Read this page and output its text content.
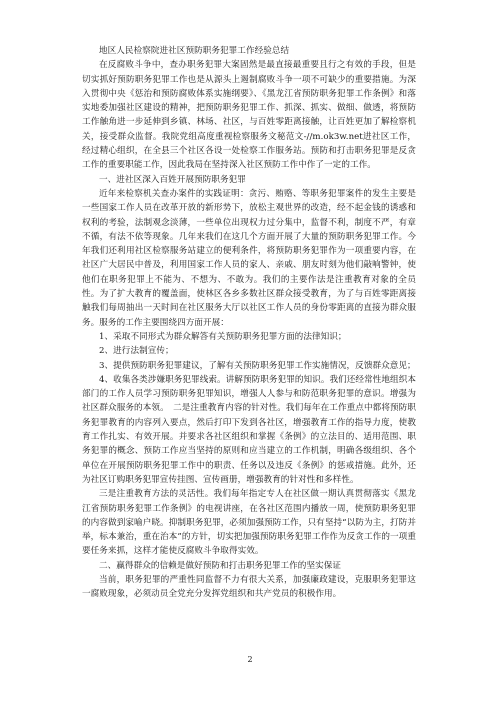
地区人民检察院进社区预防职务犯罪工作经验总结

在反腐败斗争中，查办职务犯罪大案固然是最直接最重要且行之有效的手段，但是切实抓好预防职务犯罪工作也是从源头上遏制腐败斗争一项不可缺少的重要措施。为深入贯彻中央《惩治和预防腐败体系实施纲要》、《黑龙江省预防职务犯罪工作条例》和落实地委加强社区建设的精神，把预防职务犯罪工作、抓深、抓实、做细、做透，将预防工作触角进一步延伸到乡镇、林场、社区，与百姓零距离接触，让百姓更加了解检察机关，接受群众监督。我院党组高度重视检察服务文秘范文-//m.ok3w.net进社区工作，经过精心组织，在全县三个社区各设一处检察工作服务站。预防和打击职务犯罪是反贪工作的重要职能工作，因此我局在坚持深入社区预防工作中作了一定的工作。

一、进社区深入百姓开展预防职务犯罪

近年来检察机关查办案件的实践证明：贪污、贿赂、等职务犯罪案件的发生主要是一些国家工作人员在改革开放的新形势下，放松主观世界的改造，经不起金钱的诱惑和权利的考验，法制观念淡薄，一些单位出现权力过分集中，监督不利，制度不严，有章不循，有法不依等现象。几年来我们在这几个方面开展了大量的预防职务犯罪工作。今年我们还利用社区检察服务站建立的便利条件，将预防职务犯罪作为一项重要内容，在社区广大居民中普及，利用国家工作人员的家人、亲戚、朋友时刻为他们敲响警钟，使他们在职务犯罪上不能为、不想为、不敢为。我们的主要作法是注重教育对象的全员性。为了扩大教育的覆盖面，使林区各乡多数社区群众接受教育，为了与百姓零距离接触我们每周抽出一天时间在社区服务大厅以社区工作人员的身份零距离的直接为群众服务。服务的工作主要围绕四方面开展：

1、采取不同形式为群众解答有关预防职务犯罪方面的法律知识；

2、进行法制宣传；

3、提供预防职务犯罪建议，了解有关预防职务犯罪工作实施情况，反馈群众意见；

4、收集各类涉嫌职务犯罪线索。讲解预防职务犯罪的知识。我们还经常性地组织本部门的工作人员学习预防职务犯罪知识，增强人人参与和防范职务犯罪的意识。增强为社区群众服务的本领。　二是注重教育内容的针对性。我们每年在工作重点中都将预防职务犯罪教育的内容列入要点，然后打印下发到各社区，增强教育工作的指导力度，使教育工作扎实、有效开展。并要求各社区组织和掌握《条例》的立法目的、适用范围、职务犯罪的概念、预防工作应当坚持的原则和应当建立的工作机制，明确各级组织、各个单位在开展预防职务犯罪工作中的职责、任务以及违反《条例》的惩戒措施。此外，还为社区订购职务犯罪宣传挂图、宣传画册，增强教育的针对性和多样性。

三是注重教育方法的灵活性。我们每年指定专人在社区做一期认真贯彻落实《黑龙江省预防职务犯罪工作条例》的电视讲座，在各社区范围内播放一周，使预防职务犯罪的内容做到家喻户晓。抑制职务犯罪，必须加强预防工作，只有坚持“以防为主，打防并举，标本兼治，重在治本”的方针，切实把加强预防职务犯罪工作作为反贪工作的一项重要任务来抓，这样才能使反腐败斗争取得实效。

二、赢得群众的信赖是做好预防和打击职务犯罪工作的坚实保证

当前，职务犯罪的严重性同监督不力有很大关系，加强廉政建设，克服职务犯罪这一腐败现象，必须动员全党充分发挥党组织和共产党员的积极作用。

2
